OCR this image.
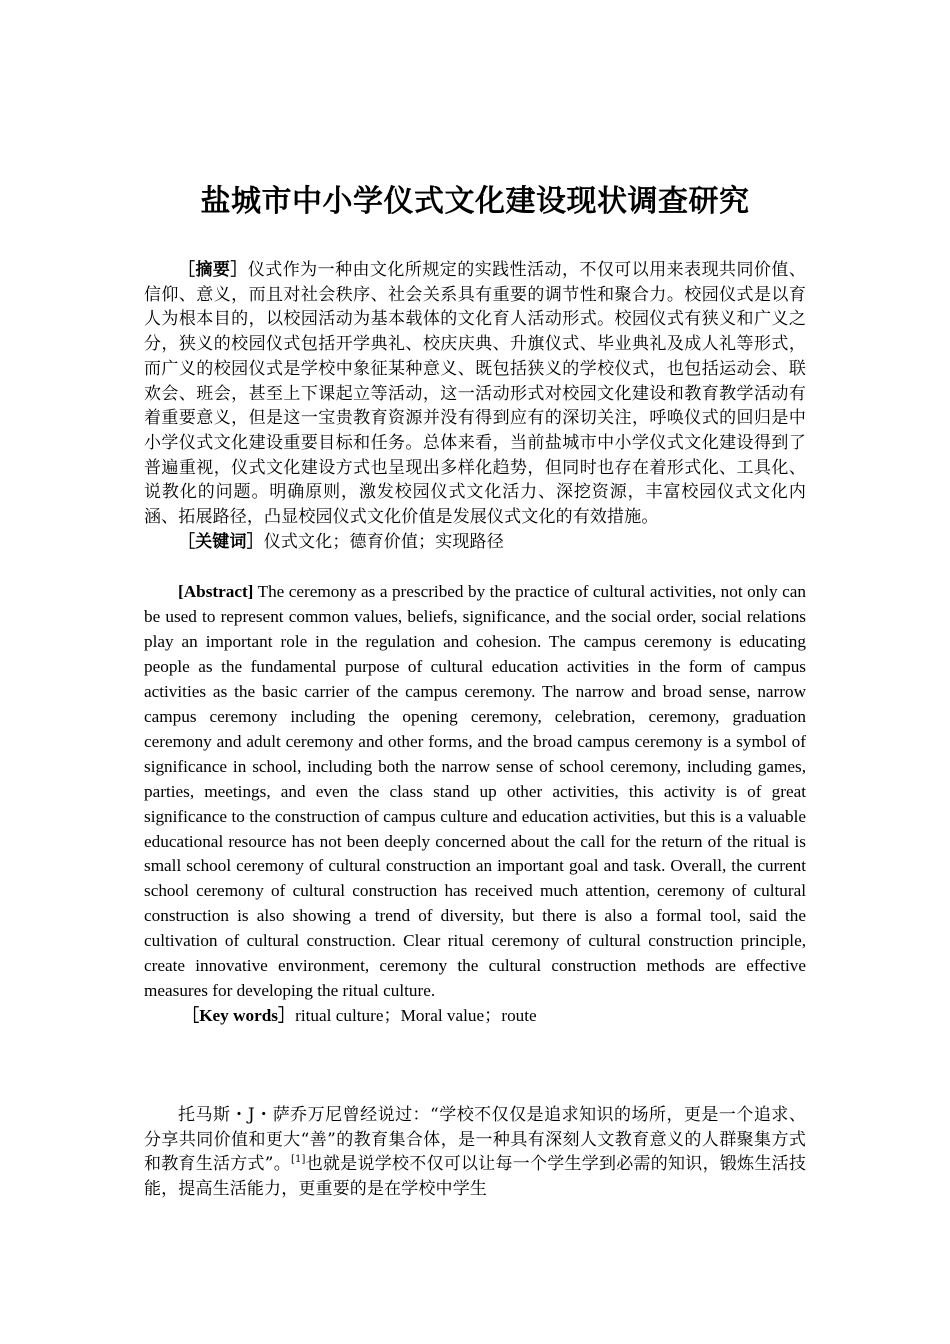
盐城市中小学仪式文化建设现状调查研究

［摘要］仪式作为一种由文化所规定的实践性活动，不仅可以用来表现共同价值、信仰、意义，而且对社会秩序、社会关系具有重要的调节性和聚合力。校园仪式是以育人为根本目的，以校园活动为基本载体的文化育人活动形式。校园仪式有狭义和广义之分，狭义的校园仪式包括开学典礼、校庆庆典、升旗仪式、毕业典礼及成人礼等形式，而广义的校园仪式是学校中象征某种意义、既包括狭义的学校仪式，也包括运动会、联欢会、班会，甚至上下课起立等活动，这一活动形式对校园文化建设和教育教学活动有着重要意义，但是这一宝贵教育资源并没有得到应有的深切关注，呼唤仪式的回归是中小学仪式文化建设重要目标和任务。总体来看，当前盐城市中小学仪式文化建设得到了普遍重视，仪式文化建设方式也呈现出多样化趋势，但同时也存在着形式化、工具化、说教化的问题。明确原则，激发校园仪式文化活力、深挖资源，丰富校园仪式文化内涵、拓展路径，凸显校园仪式文化价值是发展仪式文化的有效措施。

［关键词］仪式文化；德育价值；实现路径

[Abstract] The ceremony as a prescribed by the practice of cultural activities, not only can be used to represent common values, beliefs, significance, and the social order, social relations play an important role in the regulation and cohesion. The campus ceremony is educating people as the fundamental purpose of cultural education activities in the form of campus activities as the basic carrier of the campus ceremony. The narrow and broad sense, narrow campus ceremony including the opening ceremony, celebration, ceremony, graduation ceremony and adult ceremony and other forms, and the broad campus ceremony is a symbol of significance in school, including both the narrow sense of school ceremony, including games, parties, meetings, and even the class stand up other activities, this activity is of great significance to the construction of campus culture and education activities, but this is a valuable educational resource has not been deeply concerned about the call for the return of the ritual is small school ceremony of cultural construction an important goal and task. Overall, the current school ceremony of cultural construction has received much attention, ceremony of cultural construction is also showing a trend of diversity, but there is also a formal tool, said the cultivation of cultural construction. Clear ritual ceremony of cultural construction principle, create innovative environment, ceremony the cultural construction methods are effective measures for developing the ritual culture.

［Key words］ritual culture；Moral value；route

托马斯・J・萨乔万尼曾经说过：“学校不仅仅是追求知识的场所，更是一个追求、分享共同价值和更大“善”的教育集合体，是一种具有深刻人文教育意义的人群聚集方式和教育生活方式”。[1]也就是说学校不仅可以让每一个学生学到必需的知识，锻炼生活技能，提高生活能力，更重要的是在学校中学生
